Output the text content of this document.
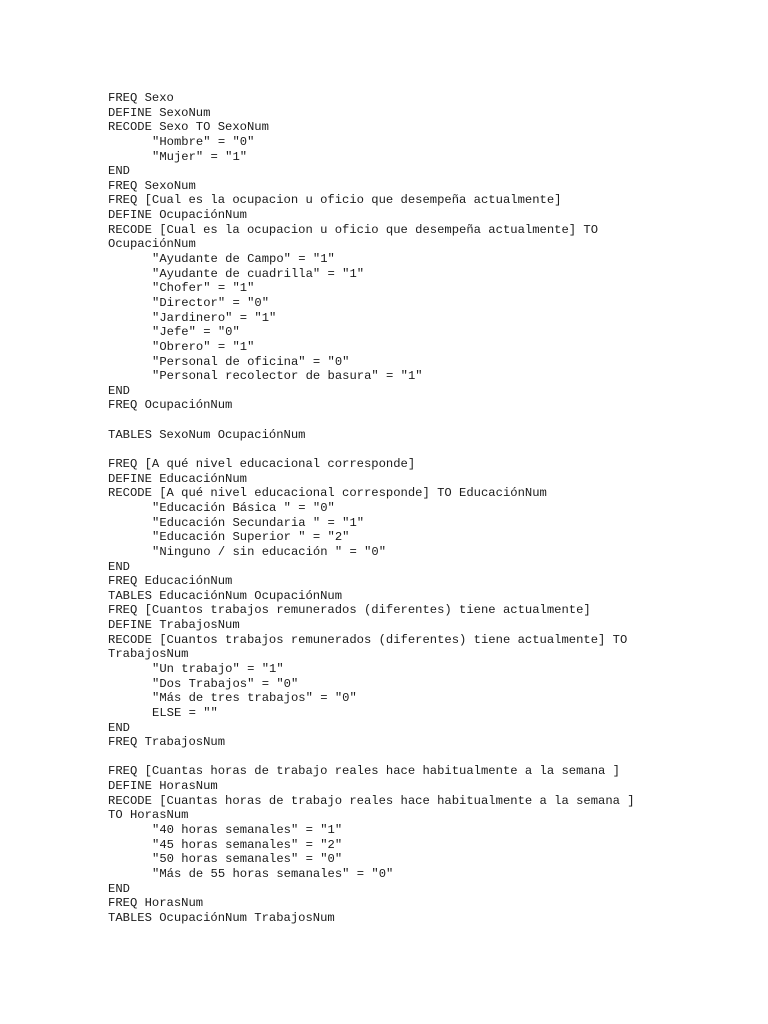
FREQ Sexo
DEFINE SexoNum
RECODE Sexo TO SexoNum
"Hombre" = "0"
"Mujer" = "1"
END
FREQ SexoNum
FREQ [Cual es la ocupacion u oficio que desempeña actualmente]
DEFINE OcupaciónNum
RECODE [Cual es la ocupacion u oficio que desempeña actualmente] TO
OcupaciónNum
"Ayudante de Campo" = "1"
"Ayudante de cuadrilla" = "1"
"Chofer" = "1"
"Director" = "0"
"Jardinero" = "1"
"Jefe" = "0"
"Obrero" = "1"
"Personal de oficina" = "0"
"Personal recolector de basura" = "1"
END
FREQ OcupaciónNum
TABLES SexoNum OcupaciónNum
FREQ [A qué nivel educacional corresponde]
DEFINE EducaciónNum
RECODE [A qué nivel educacional corresponde] TO EducaciónNum
"Educación Básica " = "0"
"Educación Secundaria " = "1"
"Educación Superior " = "2"
"Ninguno / sin educación " = "0"
END
FREQ EducaciónNum
TABLES EducaciónNum OcupaciónNum
FREQ [Cuantos trabajos remunerados (diferentes) tiene actualmente]
DEFINE TrabajosNum
RECODE [Cuantos trabajos remunerados (diferentes) tiene actualmente] TO
TrabajosNum
"Un trabajo" = "1"
"Dos Trabajos" = "0"
"Más de tres trabajos" = "0"
ELSE = ""
END
FREQ TrabajosNum
FREQ [Cuantas horas de trabajo reales hace habitualmente a la semana ]
DEFINE HorasNum
RECODE [Cuantas horas de trabajo reales hace habitualmente a la semana ]
TO HorasNum
"40 horas semanales" = "1"
"45 horas semanales" = "2"
"50 horas semanales" = "0"
"Más de 55 horas semanales" = "0"
END
FREQ HorasNum
TABLES OcupaciónNum TrabajosNum
